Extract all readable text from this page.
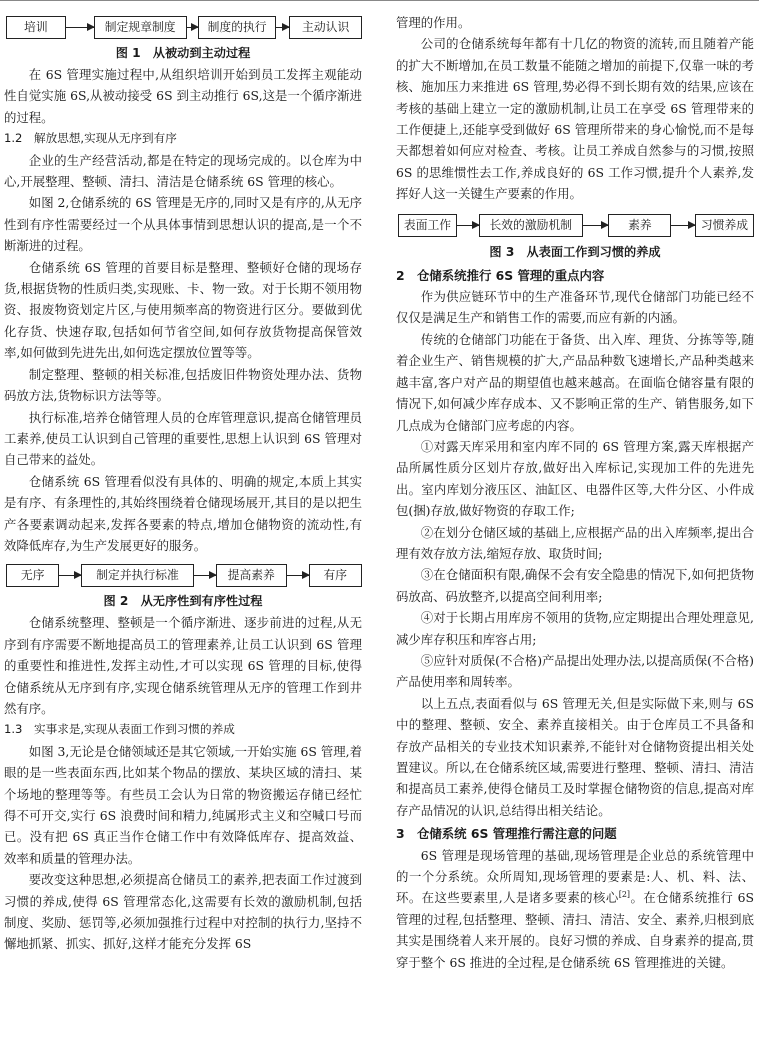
培训	制定规章制度	制度的执行	主动认识
图 1　从被动到主动过程

在 6S 管理实施过程中,从组织培训开始到员工发挥主观能动性自觉实施 6S,从被动接受 6S 到主动推行 6S,这是一个循序渐进的过程。

1.2　解放思想,实现从无序到有序

企业的生产经营活动,都是在特定的现场完成的。以仓库为中心,开展整理、整顿、清扫、清洁是仓储系统 6S 管理的核心。

如图 2,仓储系统的 6S 管理是无序的,同时又是有序的,从无序性到有序性需要经过一个从具体事情到思想认识的提高,是一个不断渐进的过程。

仓储系统 6S 管理的首要目标是整理、整顿好仓储的现场存货,根据货物的性质归类,实现账、卡、物一致。对于长期不领用物资、报废物资划定片区,与使用频率高的物资进行区分。要做到优化存货、快速存取,包括如何节省空间,如何存放货物提高保管效率,如何做到先进先出,如何选定摆放位置等等。

制定整理、整顿的相关标准,包括废旧件物资处理办法、货物码放方法,货物标识方法等等。

执行标准,培养仓储管理人员的仓库管理意识,提高仓储管理员工素养,使员工认识到自己管理的重要性,思想上认识到 6S 管理对自己带来的益处。

仓储系统 6S 管理看似没有具体的、明确的规定,本质上其实是有序、有条理性的,其始终围绕着仓储现场展开,其目的是以把生产各要素调动起来,发挥各要素的特点,增加仓储物资的流动性,有效降低库存,为生产发展更好的服务。

无序	制定并执行标准	提高素养	有序
图 2　从无序性到有序性过程

仓储系统整理、整顿是一个循序渐进、逐步前进的过程,从无序到有序需要不断地提高员工的管理素养,让员工认识到 6S 管理的重要性和推进性,发挥主动性,才可以实现 6S 管理的目标,使得仓储系统从无序到有序,实现仓储系统管理从无序的管理工作到井然有序。

1.3　实事求是,实现从表面工作到习惯的养成

如图 3,无论是仓储领域还是其它领域,一开始实施 6S 管理,着眼的是一些表面东西,比如某个物品的摆放、某块区域的清扫、某个场地的整理等等。有些员工会认为日常的物资搬运存储已经忙得不可开交,实行 6S 浪费时间和精力,纯属形式主义和空喊口号而已。没有把 6S 真正当作仓储工作中有效降低库存、提高效益、效率和质量的管理办法。

要改变这种思想,必须提高仓储员工的素养,把表面工作过渡到习惯的养成,使得 6S 管理常态化,这需要有长效的激励机制,包括制度、奖励、惩罚等,必须加强推行过程中对控制的执行力,坚持不懈地抓紧、抓实、抓好,这样才能充分发挥 6S

管理的作用。

公司的仓储系统每年都有十几亿的物资的流转,而且随着产能的扩大不断增加,在员工数量不能随之增加的前提下,仅靠一味的考核、施加压力来推进 6S 管理,势必得不到长期有效的结果,应该在考核的基础上建立一定的激励机制,让员工在享受 6S 管理带来的工作便捷上,还能享受到做好 6S 管理所带来的身心愉悦,而不是每天都想着如何应对检查、考核。让员工养成自然参与的习惯,按照 6S 的思维惯性去工作,养成良好的 6S 工作习惯,提升个人素养,发挥好人这一关键生产要素的作用。

表面工作	长效的激励机制	素养	习惯养成
图 3　从表面工作到习惯的养成
2　仓储系统推行 6S 管理的重点内容

作为供应链环节中的生产准备环节,现代仓储部门功能已经不仅仅是满足生产和销售工作的需要,而应有新的内涵。

传统的仓储部门功能在于备货、出入库、理货、分拣等等,随着企业生产、销售规模的扩大,产品品种数飞速增长,产品种类越来越丰富,客户对产品的期望值也越来越高。在面临仓储容量有限的情况下,如何减少库存成本、又不影响正常的生产、销售服务,如下几点成为仓储部门应考虑的内容。

①对露天库采用和室内库不同的 6S 管理方案,露天库根据产品所属性质分区划片存放,做好出入库标记,实现加工件的先进先出。室内库划分液压区、油缸区、电器件区等,大件分区、小件成包(捆)存放,做好物资的存取工作;

②在划分仓储区域的基础上,应根据产品的出入库频率,提出合理有效存放方法,缩短存放、取货时间;

③在仓储面积有限,确保不会有安全隐患的情况下,如何把货物码放高、码放整齐,以提高空间利用率;

④对于长期占用库房不领用的货物,应定期提出合理处理意见,减少库存积压和库容占用;

⑤应针对质保(不合格)产品提出处理办法,以提高质保(不合格)产品使用率和周转率。

以上五点,表面看似与 6S 管理无关,但是实际做下来,则与 6S 中的整理、整顿、安全、素养直接相关。由于仓库员工不具备和存放产品相关的专业技术知识素养,不能针对仓储物资提出相关处置建议。所以,在仓储系统区域,需要进行整理、整顿、清扫、清洁和提高员工素养,使得仓储员工及时掌握仓储物资的信息,提高对库存产品情况的认识,总结得出相关结论。

3　仓储系统 6S 管理推行需注意的问题

6S 管理是现场管理的基础,现场管理是企业总的系统管理中的一个分系统。众所周知,现场管理的要素是:人、机、料、法、环。在这些要素里,人是诸多要素的核心[2]。在仓储系统推行 6S 管理的过程,包括整理、整顿、清扫、清洁、安全、素养,归根到底其实是围绕着人来开展的。良好习惯的养成、自身素养的提高,贯穿于整个 6S 推进的全过程,是仓储系统 6S 管理推进的关键。
